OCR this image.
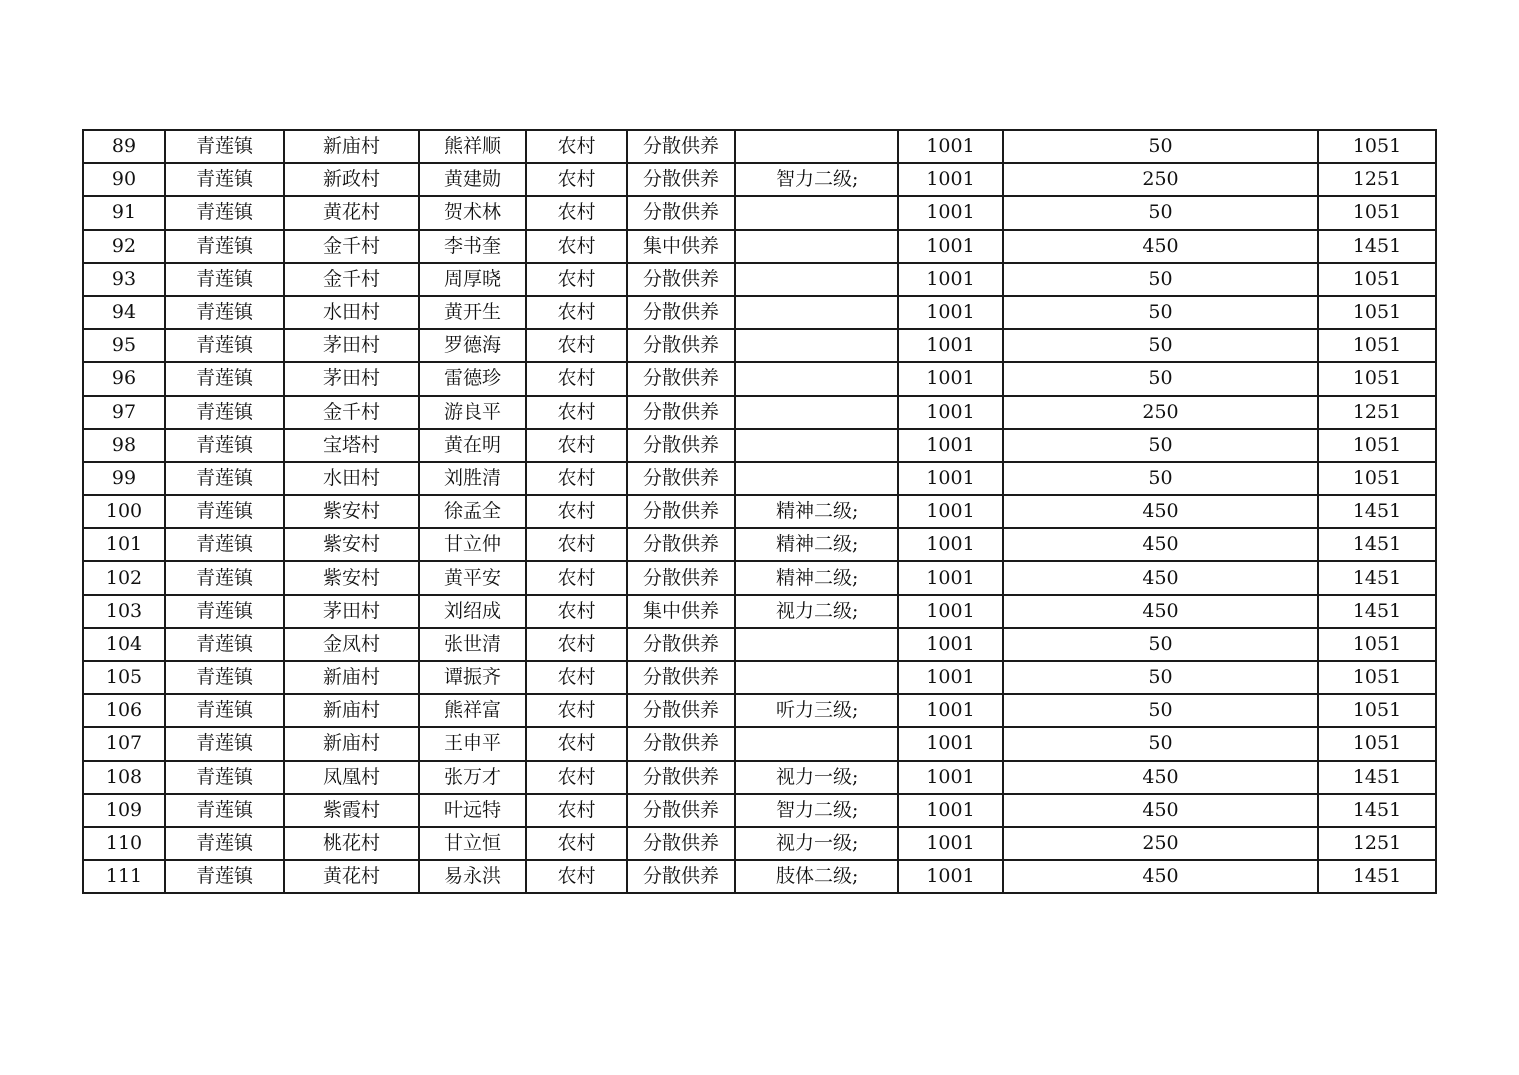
89	青莲镇	新庙村	熊祥顺	农村	分散供养		1001	50	1051
90	青莲镇	新政村	黄建勋	农村	分散供养	智力二级;	1001	250	1251
91	青莲镇	黄花村	贺术林	农村	分散供养		1001	50	1051
92	青莲镇	金千村	李书奎	农村	集中供养		1001	450	1451
93	青莲镇	金千村	周厚晓	农村	分散供养		1001	50	1051
94	青莲镇	水田村	黄开生	农村	分散供养		1001	50	1051
95	青莲镇	茅田村	罗德海	农村	分散供养		1001	50	1051
96	青莲镇	茅田村	雷德珍	农村	分散供养		1001	50	1051
97	青莲镇	金千村	游良平	农村	分散供养		1001	250	1251
98	青莲镇	宝塔村	黄在明	农村	分散供养		1001	50	1051
99	青莲镇	水田村	刘胜清	农村	分散供养		1001	50	1051
100	青莲镇	紫安村	徐孟全	农村	分散供养	精神二级;	1001	450	1451
101	青莲镇	紫安村	甘立仲	农村	分散供养	精神二级;	1001	450	1451
102	青莲镇	紫安村	黄平安	农村	分散供养	精神二级;	1001	450	1451
103	青莲镇	茅田村	刘绍成	农村	集中供养	视力二级;	1001	450	1451
104	青莲镇	金凤村	张世清	农村	分散供养		1001	50	1051
105	青莲镇	新庙村	谭振齐	农村	分散供养		1001	50	1051
106	青莲镇	新庙村	熊祥富	农村	分散供养	听力三级;	1001	50	1051
107	青莲镇	新庙村	王申平	农村	分散供养		1001	50	1051
108	青莲镇	凤凰村	张万才	农村	分散供养	视力一级;	1001	450	1451
109	青莲镇	紫霞村	叶远特	农村	分散供养	智力二级;	1001	450	1451
110	青莲镇	桃花村	甘立恒	农村	分散供养	视力一级;	1001	250	1251
111	青莲镇	黄花村	易永洪	农村	分散供养	肢体二级;	1001	450	1451
